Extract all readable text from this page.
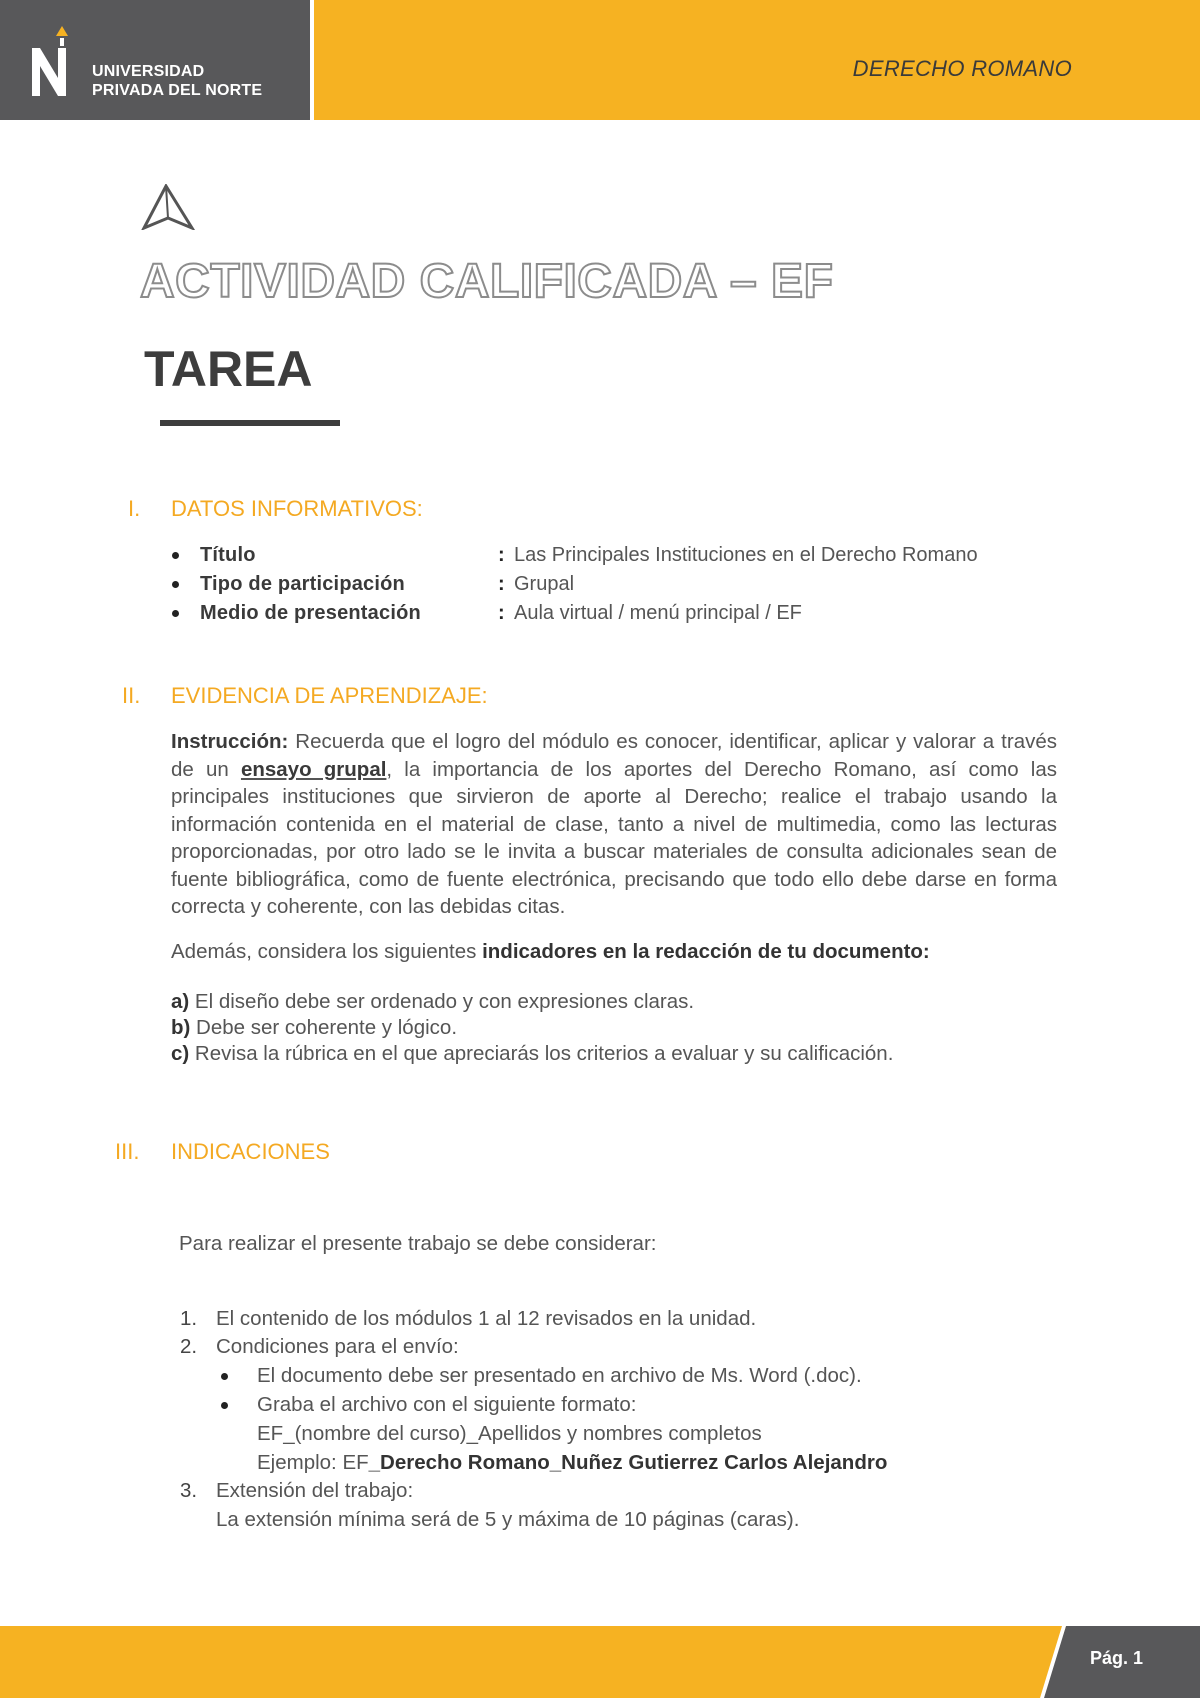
UNIVERSIDAD
PRIVADA DEL NORTE
DERECHO ROMANO
ACTIVIDAD CALIFICADA – EF
TAREA
I.	DATOS INFORMATIVOS:
Título	: Las Principales Instituciones en el Derecho Romano
Tipo de participación	: Grupal
Medio de presentación	: Aula virtual / menú principal / EF
II.	EVIDENCIA DE APRENDIZAJE:
Instrucción: Recuerda que el logro del módulo es conocer, identificar, aplicar y valorar a través de un ensayo grupal, la importancia de los aportes del Derecho Romano, así como las principales instituciones que sirvieron de aporte al Derecho; realice el trabajo usando la información contenida en el material de clase, tanto a nivel de multimedia, como las lecturas proporcionadas, por otro lado se le invita a buscar materiales de consulta adicionales sean de fuente bibliográfica, como de fuente electrónica, precisando que todo ello debe darse en forma correcta y coherente, con las debidas citas.
Además, considera los siguientes indicadores en la redacción de tu documento:
a) El diseño debe ser ordenado y con expresiones claras.
b) Debe ser coherente y lógico.
c) Revisa la rúbrica en el que apreciarás los criterios a evaluar y su calificación.
III.	INDICACIONES
Para realizar el presente trabajo se debe considerar:
1. El contenido de los módulos 1 al 12 revisados en la unidad.
2. Condiciones para el envío:
El documento debe ser presentado en archivo de Ms. Word (.doc).
Graba el archivo con el siguiente formato:
EF_(nombre del curso)_Apellidos y nombres completos
Ejemplo: EF_Derecho Romano_Nuñez Gutierrez Carlos Alejandro
3. Extensión del trabajo:
La extensión mínima será de 5 y máxima de 10 páginas (caras).
Pág. 1
